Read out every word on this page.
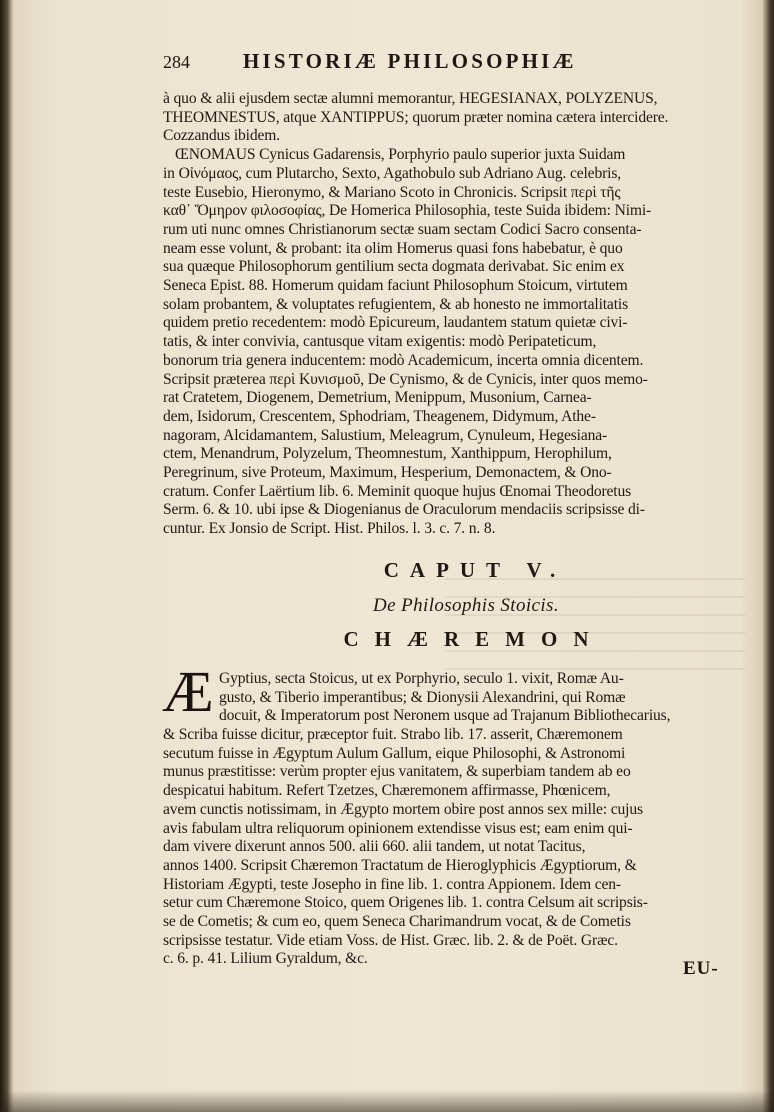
284	HISTORIÆ PHILOSOPHIÆ

à quo & alii ejusdem sectæ alumni memorantur, HEGESIANAX, POLYZENUS,
THEOMNESTUS, atque XANTIPPUS; quorum præter nomina cætera intercidere.
Cozzandus ibidem.

ŒNOMAUS Cynicus Gadarensis, Porphyrio paulo superior juxta Suidam
in Οἰνόμαος, cum Plutarcho, Sexto, Agathobulo sub Adriano Aug. celebris,
teste Eusebio, Hieronymo, & Mariano Scoto in Chronicis. Scripsit περὶ τῆς
καθ᾽ Ὅμηρον φιλοσοφίας, De Homerica Philosophia, teste Suida ibidem: Nimi-
rum uti nunc omnes Christianorum sectæ suam sectam Codici Sacro consenta-
neam esse volunt, & probant: ita olim Homerus quasi fons habebatur, è quo
sua quæque Philosophorum gentilium secta dogmata derivabat. Sic enim ex
Seneca Epist. 88. Homerum quidam faciunt Philosophum Stoicum, virtutem
solam probantem, & voluptates refugientem, & ab honesto ne immortalitatis
quidem pretio recedentem: modò Epicureum, laudantem statum quietæ civi-
tatis, & inter convivia, cantusque vitam exigentis: modò Peripateticum,
bonorum tria genera inducentem: modò Academicum, incerta omnia dicentem.
Scripsit præterea περὶ Κυνισμοῦ, De Cynismo, & de Cynicis, inter quos memo-
rat Cratetem, Diogenem, Demetrium, Menippum, Musonium, Carnea-
dem, Isidorum, Crescentem, Sphodriam, Theagenem, Didymum, Athe-
nagoram, Alcidamantem, Salustium, Meleagrum, Cynuleum, Hegesiana-
ctem, Menandrum, Polyzelum, Theomnestum, Xanthippum, Herophilum,
Peregrinum, sive Proteum, Maximum, Hesperium, Demonactem, & Ono-
cratum. Confer Laërtium lib. 6. Meminit quoque hujus Œnomai Theodoretus
Serm. 6. & 10. ubi ipse & Diogenianus de Oraculorum mendaciis scripsisse di-
cuntur. Ex Jonsio de Script. Hist. Philos. l. 3. c. 7. n. 8.

CAPUT V.
De Philosophis Stoicis.
CHÆREMON
Æ Gyptius, secta Stoicus, ut ex Porphyrio, seculo 1. vixit, Romæ Au-
gusto, & Tiberio imperantibus; & Dionysii Alexandrini, qui Romæ
docuit, & Imperatorum post Neronem usque ad Trajanum Bibliothecarius,
& Scriba fuisse dicitur, præceptor fuit. Strabo lib. 17. asserit, Chæremonem
secutum fuisse in Ægyptum Aulum Gallum, eique Philosophi, & Astronomi
munus præstitisse: verùm propter ejus vanitatem, & superbiam tandem ab eo
despicatui habitum. Refert Tzetzes, Chæremonem affirmasse, Phœnicem,
avem cunctis notissimam, in Ægypto mortem obire post annos sex mille: cujus
avis fabulam ultra reliquorum opinionem extendisse visus est; eam enim qui-
dam vivere dixerunt annos 500. alii 660. alii tandem, ut notat Tacitus,
annos 1400. Scripsit Chæremon Tractatum de Hieroglyphicis Ægyptiorum, &
Historiam Ægypti, teste Josepho in fine lib. 1. contra Appionem. Idem cen-
setur cum Chæremone Stoico, quem Origenes lib. 1. contra Celsum ait scripsis-
se de Cometis; & cum eo, quem Seneca Charimandrum vocat, & de Cometis
scripsisse testatur. Vide etiam Voss. de Hist. Græc. lib. 2. & de Poët. Græc.
c. 6. p. 41. Lilium Gyraldum, &c.	EU-
